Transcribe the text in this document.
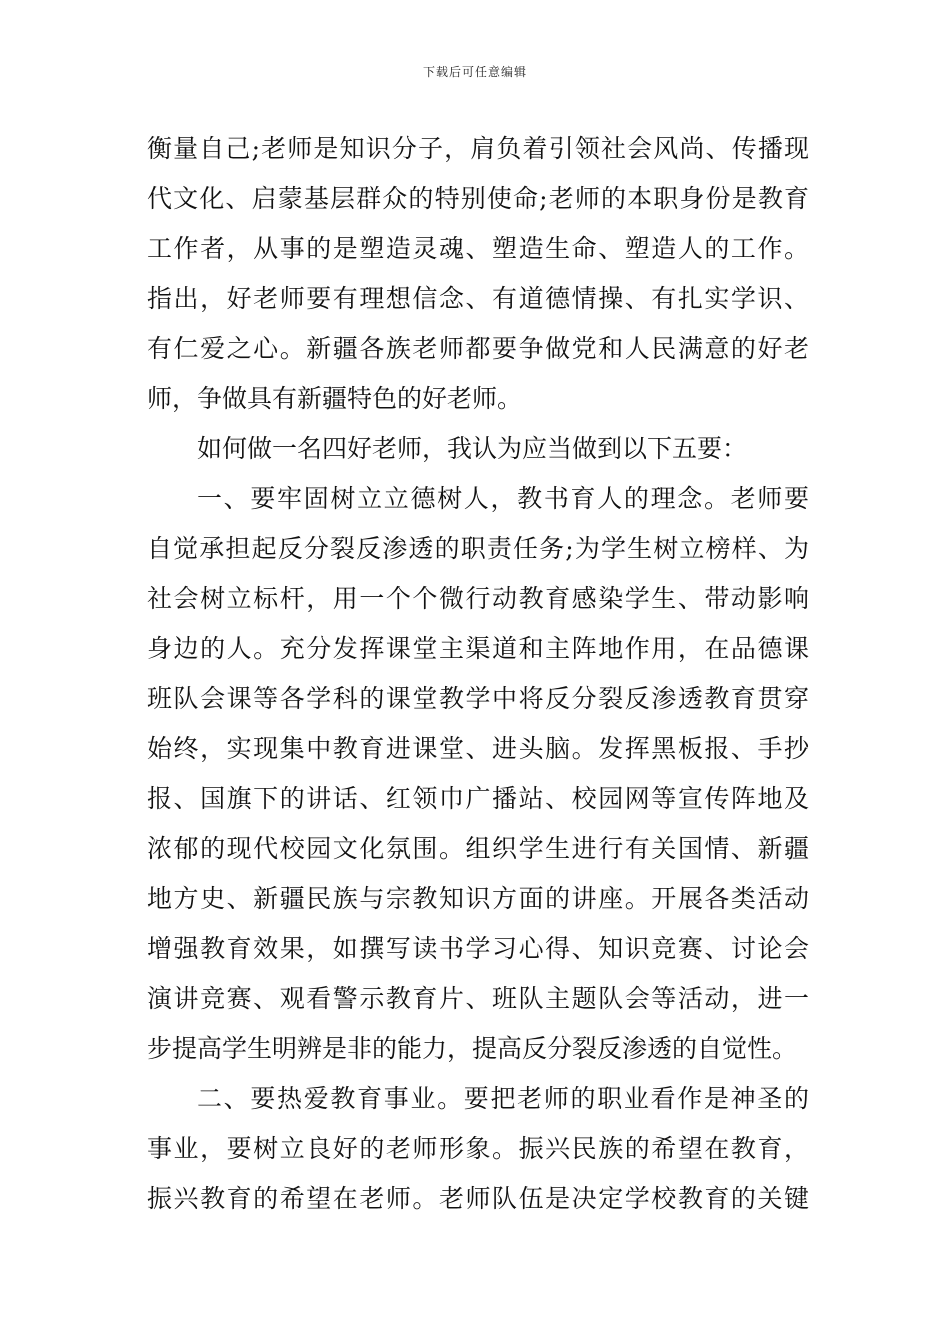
下载后可任意编辑
衡量自己;老师是知识分子，肩负着引领社会风尚、传播现
代文化、启蒙基层群众的特别使命;老师的本职身份是教育
工作者，从事的是塑造灵魂、塑造生命、塑造人的工作。
指出，好老师要有理想信念、有道德情操、有扎实学识、
有仁爱之心。新疆各族老师都要争做党和人民满意的好老
师，争做具有新疆特色的好老师。
如何做一名四好老师，我认为应当做到以下五要：
一、要牢固树立立德树人，教书育人的理念。老师要
自觉承担起反分裂反渗透的职责任务;为学生树立榜样、为
社会树立标杆，用一个个微行动教育感染学生、带动影响
身边的人。充分发挥课堂主渠道和主阵地作用，在品德课
班队会课等各学科的课堂教学中将反分裂反渗透教育贯穿
始终，实现集中教育进课堂、进头脑。发挥黑板报、手抄
报、国旗下的讲话、红领巾广播站、校园网等宣传阵地及
浓郁的现代校园文化氛围。组织学生进行有关国情、新疆
地方史、新疆民族与宗教知识方面的讲座。开展各类活动
增强教育效果，如撰写读书学习心得、知识竞赛、讨论会
演讲竞赛、观看警示教育片、班队主题队会等活动，进一
步提高学生明辨是非的能力，提高反分裂反渗透的自觉性。
二、要热爱教育事业。要把老师的职业看作是神圣的
事业，要树立良好的老师形象。振兴民族的希望在教育，
振兴教育的希望在老师。老师队伍是决定学校教育的关键
